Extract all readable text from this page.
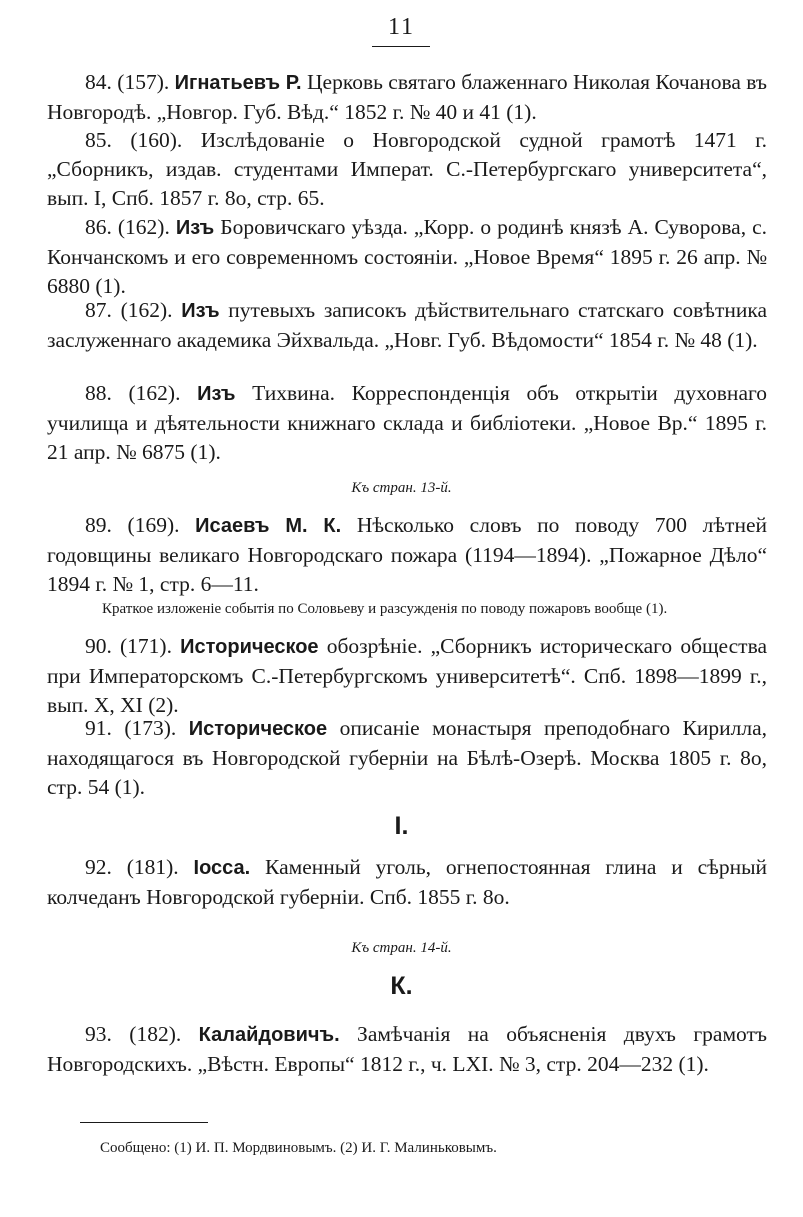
11
84. (157). Игнатьевъ Р. Церковь святаго блаженнаго Николая Кочанова въ Новгородѣ. „Новгор. Губ. Вѣд.“ 1852 г. № 40 и 41 (1).
85. (160). Изслѣдованіе о Новгородской судной грамотѣ 1471 г. „Сборникъ, издав. студентами Императ. С.-Петербургскаго университета“, вып. I, Спб. 1857 г. 8о, стр. 65.
86. (162). Изъ Боровичскаго уѣзда. „Корр. о родинѣ князѣ А. Суворова, с. Кончанскомъ и его современномъ состояніи. „Новое Время“ 1895 г. 26 апр. № 6880 (1).
87. (162). Изъ путевыхъ записокъ дѣйствительнаго статскаго совѣтника заслуженнаго академика Эйхвальда. „Новг. Губ. Вѣдомости“ 1854 г. № 48 (1).
88. (162). Изъ Тихвина. Корреспонденція объ открытіи духовнаго училища и дѣятельности книжнаго склада и библіотеки. „Новое Вр.“ 1895 г. 21 апр. № 6875 (1).
Къ стран. 13-й.
89. (169). Исаевъ М. К. Нѣсколько словъ по поводу 700 лѣтней годовщины великаго Новгородскаго пожара (1194—1894). „Пожарное Дѣло“ 1894 г. № 1, стр. 6—11.
Краткое изложеніе событія по Соловьеву и разсужденія по поводу пожаровъ вообще (1).
90. (171). Историческое обозрѣніе. „Сборникъ историческаго общества при Императорскомъ С.-Петербургскомъ университетѣ“. Спб. 1898—1899 г., вып. X, XI (2).
91. (173). Историческое описаніе монастыря преподобнаго Кирилла, находящагося въ Новгородской губерніи на Бѣлѣ-Озерѣ. Москва 1805 г. 8о, стр. 54 (1).
I.
92. (181). Іосса. Каменный уголь, огнепостоянная глина и сѣрный колчеданъ Новгородской губерніи. Спб. 1855 г. 8о.
Къ стран. 14-й.
К.
93. (182). Калайдовичъ. Замѣчанія на объясненія двухъ грамотъ Новгородскихъ. „Вѣстн. Европы“ 1812 г., ч. LXI. № 3, стр. 204—232 (1).
Сообщено: (1) И. П. Мордвиновымъ. (2) И. Г. Малиньковымъ.
